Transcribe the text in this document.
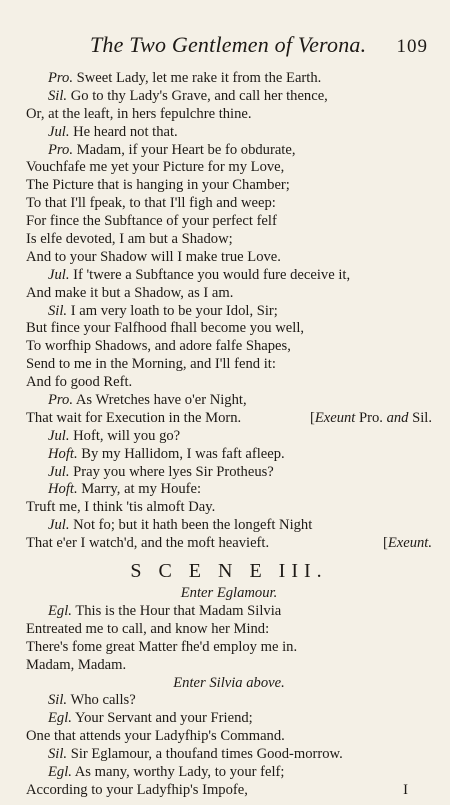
The Two Gentlemen of Verona. 109
Pro. Sweet Lady, let me rake it from the Earth.
Sil. Go to thy Lady's Grave, and call her thence,
Or, at the leaft, in hers fepulchre thine.
Jul. He heard not that.
Pro. Madam, if your Heart be fo obdurate,
Vouchfafe me yet your Picture for my Love,
The Picture that is hanging in your Chamber;
To that I'll fpeak, to that I'll figh and weep:
For fince the Subftance of your perfect felf
Is elfe devoted, I am but a Shadow;
And to your Shadow will I make true Love.
Jul. If 'twere a Subftance you would fure deceive it,
And make it but a Shadow, as I am.
Sil. I am very loath to be your Idol, Sir;
But fince your Falfhood fhall become you well,
To worfhip Shadows, and adore falfe Shapes,
Send to me in the Morning, and I'll fend it:
And fo good Reft.
Pro. As Wretches have o'er Night,
That wait for Execution in the Morn.	[Exeunt Pro. and Sil.
Jul. Hoft, will you go?
Hoft. By my Hallidom, I was faft afleep.
Jul. Pray you where lyes Sir Protheus?
Hoft. Marry, at my Houfe:
Truft me, I think 'tis almoft Day.
Jul. Not fo; but it hath been the longeft Night
That e'er I watch'd, and the moft heavieft.	[Exeunt.
S C E N E III.
Enter Eglamour.
Egl. This is the Hour that Madam Silvia
Entreated me to call, and know her Mind:
There's fome great Matter fhe'd employ me in.
Madam, Madam.
Enter Silvia above.
Sil. Who calls?
Egl. Your Servant and your Friend;
One that attends your Ladyfhip's Command.
Sil. Sir Eglamour, a thoufand times Good-morrow.
Egl. As many, worthy Lady, to your felf;
According to your Ladyfhip's Impofe,	I
